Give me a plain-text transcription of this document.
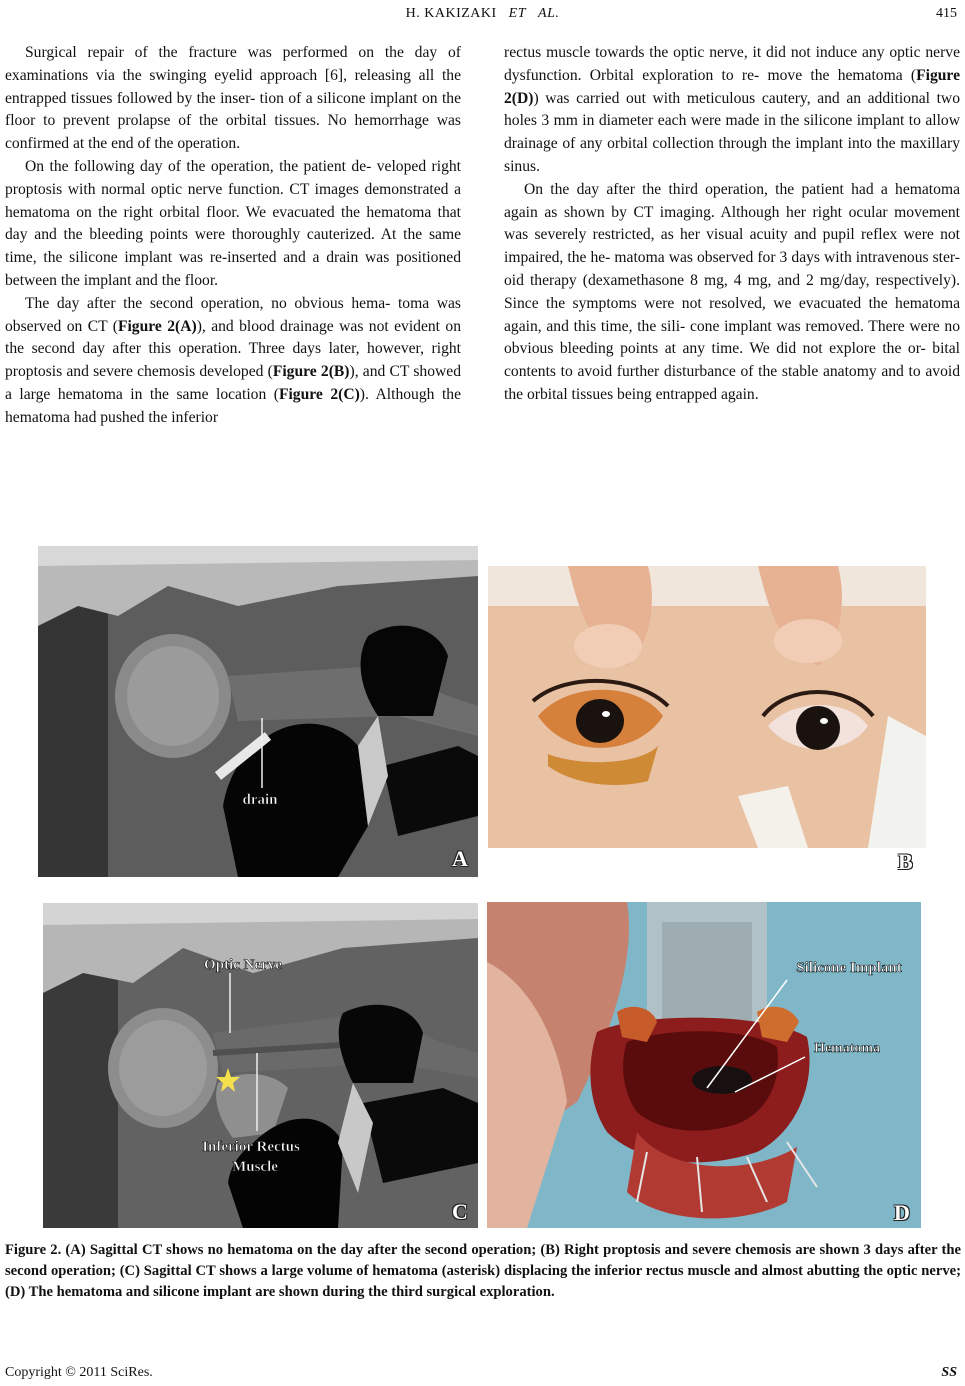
H. KAKIZAKI ET AL.	415

Surgical repair of the fracture was performed on the day of examinations via the swinging eyelid approach [6], releasing all the entrapped tissues followed by the inser- tion of a silicone implant on the floor to prevent prolapse of the orbital tissues. No hemorrhage was confirmed at the end of the operation.

On the following day of the operation, the patient de- veloped right proptosis with normal optic nerve function. CT images demonstrated a hematoma on the right orbital floor. We evacuated the hematoma that day and the bleeding points were thoroughly cauterized. At the same time, the silicone implant was re-inserted and a drain was positioned between the implant and the floor.

The day after the second operation, no obvious hema- toma was observed on CT (Figure 2(A)), and blood drainage was not evident on the second day after this operation. Three days later, however, right proptosis and severe chemosis developed (Figure 2(B)), and CT showed a large hematoma in the same location (Figure 2(C)). Although the hematoma had pushed the inferior

rectus muscle towards the optic nerve, it did not induce any optic nerve dysfunction. Orbital exploration to re- move the hematoma (Figure 2(D)) was carried out with meticulous cautery, and an additional two holes 3 mm in diameter each were made in the silicone implant to allow drainage of any orbital collection through the implant into the maxillary sinus.

On the day after the third operation, the patient had a hematoma again as shown by CT imaging. Although her right ocular movement was severely restricted, as her visual acuity and pupil reflex were not impaired, the he- matoma was observed for 3 days with intravenous ster- oid therapy (dexamethasone 8 mg, 4 mg, and 2 mg/day, respectively). Since the symptoms were not resolved, we evacuated the hematoma again, and this time, the sili- cone implant was removed. There were no obvious bleeding points at any time. We did not explore the or- bital contents to avoid further disturbance of the stable anatomy and to avoid the orbital tissues being entrapped again.

drain
A	B
Optic Nerve
Inferior Rectus
Muscle
C
Silicone Implant
Hematoma
D
Figure 2. (A) Sagittal CT shows no hematoma on the day after the second operation; (B) Right proptosis and severe chemosis are shown 3 days after the second operation; (C) Sagittal CT shows a large volume of hematoma (asterisk) displacing the inferior rectus muscle and almost abutting the optic nerve; (D) The hematoma and silicone implant are shown during the third surgical exploration.
Copyright © 2011 SciRes.	SS
